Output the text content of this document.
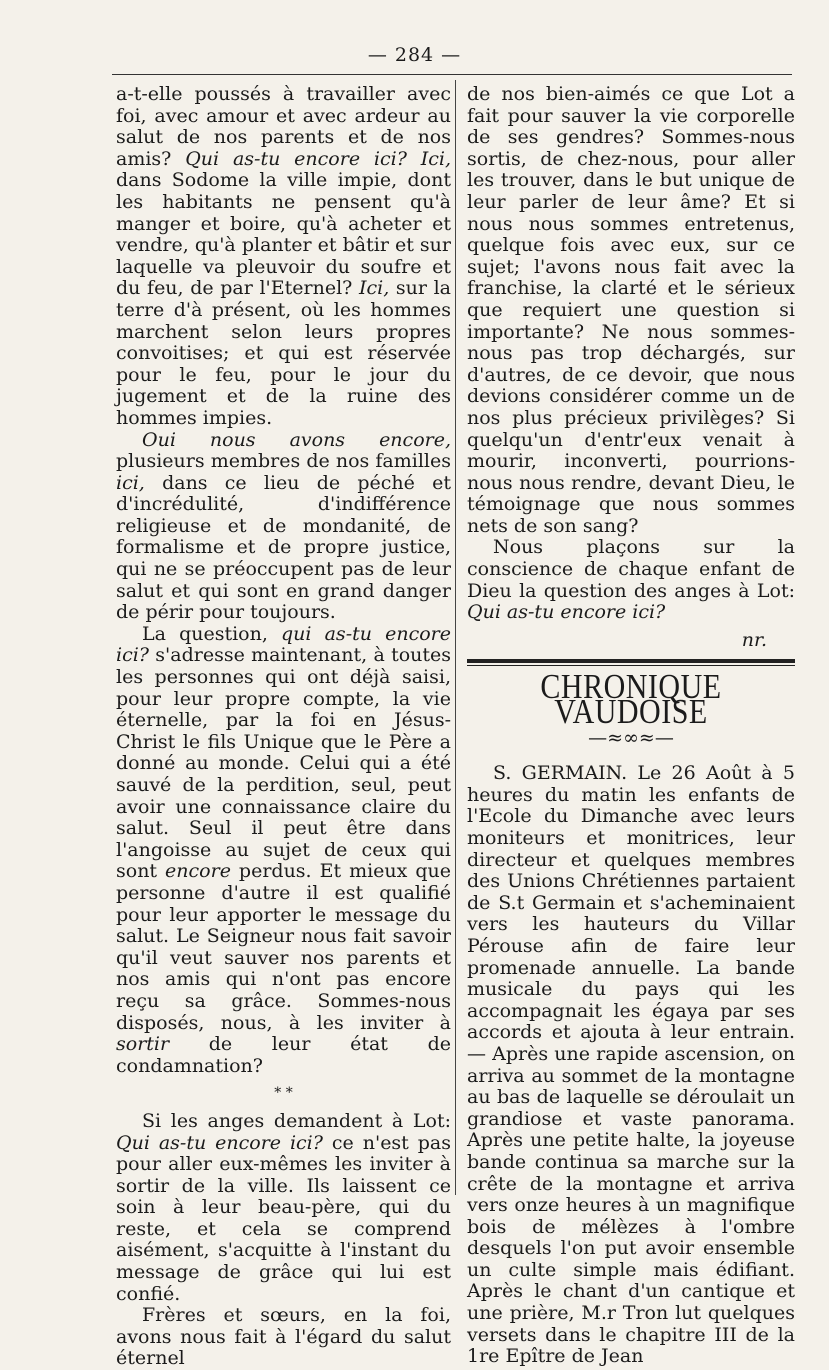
— 284 —

a-t-elle poussés à travailler avec foi, avec amour et avec ardeur au salut de nos parents et de nos amis? Qui as-tu encore ici? Ici, dans Sodome la ville impie, dont les habitants ne pensent qu'à manger et boire, qu'à acheter et vendre, qu'à planter et bâtir et sur laquelle va pleuvoir du soufre et du feu, de par l'Eternel? Ici, sur la terre d'à présent, où les hommes marchent selon leurs propres convoitises; et qui est réservée pour le feu, pour le jour du jugement et de la ruine des hommes impies.

Oui nous avons encore, plusieurs membres de nos familles ici, dans ce lieu de péché et d'incrédulité, d'indifférence religieuse et de mondanité, de formalisme et de propre justice, qui ne se préoccupent pas de leur salut et qui sont en grand danger de périr pour toujours.

La question, qui as-tu encore ici? s'adresse maintenant, à toutes les personnes qui ont déjà saisi, pour leur propre compte, la vie éternelle, par la foi en Jésus-Christ le fils Unique que le Père a donné au monde. Celui qui a été sauvé de la perdition, seul, peut avoir une connaissance claire du salut. Seul il peut être dans l'angoisse au sujet de ceux qui sont encore perdus. Et mieux que personne d'autre il est qualifié pour leur apporter le message du salut. Le Seigneur nous fait savoir qu'il veut sauver nos parents et nos amis qui n'ont pas encore reçu sa grâce. Sommes-nous disposés, nous, à les inviter à sortir de leur état de condamnation?

* *

Si les anges demandent à Lot: Qui as-tu encore ici? ce n'est pas pour aller eux-mêmes les inviter à sortir de la ville. Ils laissent ce soin à leur beau-père, qui du reste, et cela se comprend aisément, s'acquitte à l'instant du message de grâce qui lui est confié.

Frères et sœurs, en la foi, avons nous fait à l'égard du salut éternel

de nos bien-aimés ce que Lot a fait pour sauver la vie corporelle de ses gendres? Sommes-nous sortis, de chez-nous, pour aller les trouver, dans le but unique de leur parler de leur âme? Et si nous nous sommes entretenus, quelque fois avec eux, sur ce sujet; l'avons nous fait avec la franchise, la clarté et le sérieux que requiert une question si importante? Ne nous sommes-nous pas trop déchargés, sur d'autres, de ce devoir, que nous devions considérer comme un de nos plus précieux privilèges? Si quelqu'un d'entr'eux venait à mourir, inconverti, pourrions-nous nous rendre, devant Dieu, le témoignage que nous sommes nets de son sang?

Nous plaçons sur la conscience de chaque enfant de Dieu la question des anges à Lot: Qui as-tu encore ici?

nr.
CHRONIQUE VAUDOISE
—≈∞≈—

S. GERMAIN. Le 26 Août à 5 heures du matin les enfants de l'Ecole du Dimanche avec leurs moniteurs et monitrices, leur directeur et quelques membres des Unions Chrétiennes partaient de S.t Germain et s'acheminaient vers les hauteurs du Villar Pérouse afin de faire leur promenade annuelle. La bande musicale du pays qui les accompagnait les égaya par ses accords et ajouta à leur entrain. — Après une rapide ascension, on arriva au sommet de la montagne au bas de laquelle se déroulait un grandiose et vaste panorama. Après une petite halte, la joyeuse bande continua sa marche sur la crête de la montagne et arriva vers onze heures à un magnifique bois de mélèzes à l'ombre desquels l'on put avoir ensemble un culte simple mais édifiant. Après le chant d'un cantique et une prière, M.r Tron lut quelques versets dans le chapitre III de la 1re Epître de Jean
